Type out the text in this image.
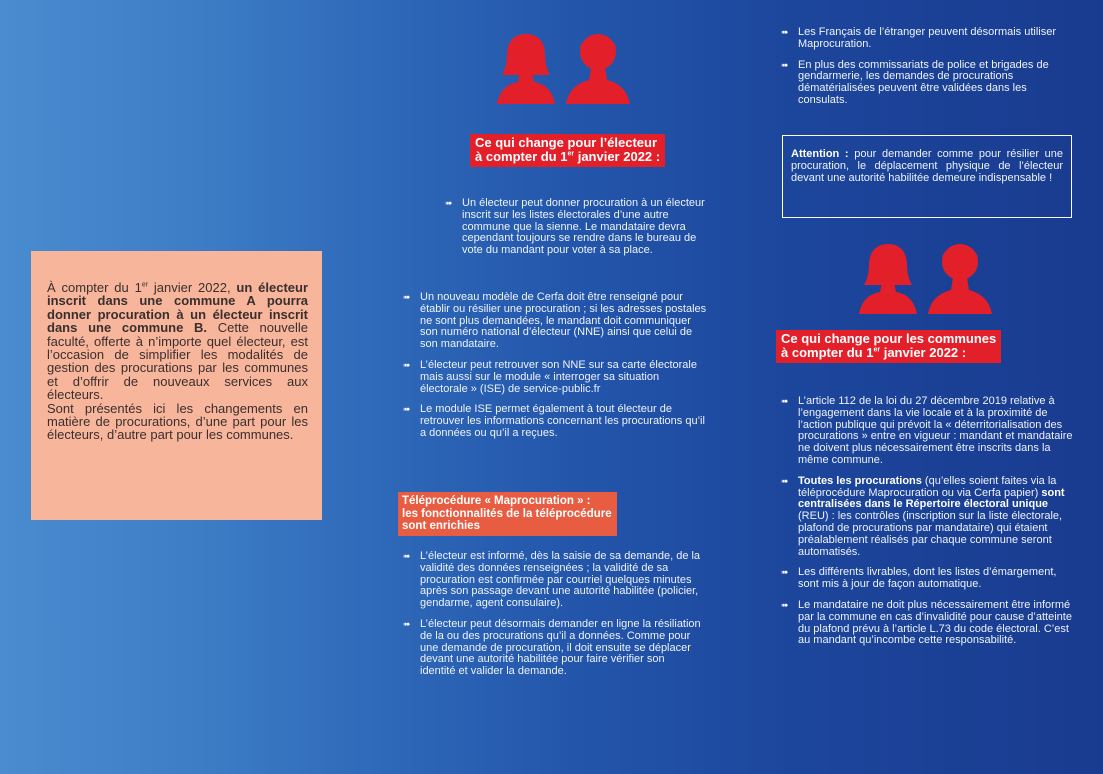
À compter du 1er janvier 2022, un électeur inscrit dans une commune A pourra donner procuration à un électeur inscrit dans une commune B. Cette nouvelle faculté, offerte à n’importe quel électeur, est l’occasion de simplifier les modalités de gestion des procurations par les communes et d’offrir de nouveaux services aux électeurs.

Sont présentés ici les changements en matière de procurations, d’une part pour les électeurs, d’autre part pour les communes.

Ce qui change pour l’électeur
à compter du 1er janvier 2022 :
➠ Un électeur peut donner procuration à un électeur inscrit sur les listes électorales d’une autre commune que la sienne. Le mandataire devra cependant toujours se rendre dans le bureau de vote du mandant pour voter à sa place.
➠ Un nouveau modèle de Cerfa doit être renseigné pour établir ou résilier une procuration ; si les adresses postales ne sont plus demandées, le mandant doit communiquer son numéro national d’électeur (NNE) ainsi que celui de son mandataire.
➠ L’électeur peut retrouver son NNE sur sa carte électorale mais aussi sur le module « interroger sa situation électorale » (ISE) de service-public.fr
➠ Le module ISE permet également à tout électeur de retrouver les informations concernant les procurations qu’il a données ou qu’il a reçues.
Téléprocédure « Maprocuration » :
les fonctionnalités de la téléprocédure
sont enrichies
➠ L’électeur est informé, dès la saisie de sa demande, de la validité des données renseignées ; la validité de sa procuration est confirmée par courriel quelques minutes après son passage devant une autorité habilitée (policier, gendarme, agent consulaire).
➠ L’électeur peut désormais demander en ligne la résiliation de la ou des procurations qu’il a données. Comme pour une demande de procuration, il doit ensuite se déplacer devant une autorité habilitée pour faire vérifier son identité et valider la demande.
➠ Les Français de l’étranger peuvent désormais utiliser Maprocuration.
➠ En plus des commissariats de police et brigades de gendarmerie, les demandes de procurations dématérialisées peuvent être validées dans les consulats.
Attention : pour demander comme pour résilier une procuration, le déplacement physique de l’électeur devant une autorité habilitée demeure indispensable !
Ce qui change pour les communes
à compter du 1er janvier 2022 :
➠ L’article 112 de la loi du 27 décembre 2019 relative à l’engagement dans la vie locale et à la proximité de l’action publique qui prévoit la « déterritorialisation des procurations » entre en vigueur : mandant et mandataire ne doivent plus nécessairement être inscrits dans la même commune.
➠ Toutes les procurations (qu’elles soient faites via la téléprocédure Maprocuration ou via Cerfa papier) sont centralisées dans le Répertoire électoral unique (REU) : les contrôles (inscription sur la liste électorale, plafond de procurations par mandataire) qui étaient préalablement réalisés par chaque commune seront automatisés.
➠ Les différents livrables, dont les listes d’émargement, sont mis à jour de façon automatique.
➠ Le mandataire ne doit plus nécessairement être informé par la commune en cas d’invalidité pour cause d’atteinte du plafond prévu à l’article L.73 du code électoral. C’est au mandant qu’incombe cette responsabilité.
